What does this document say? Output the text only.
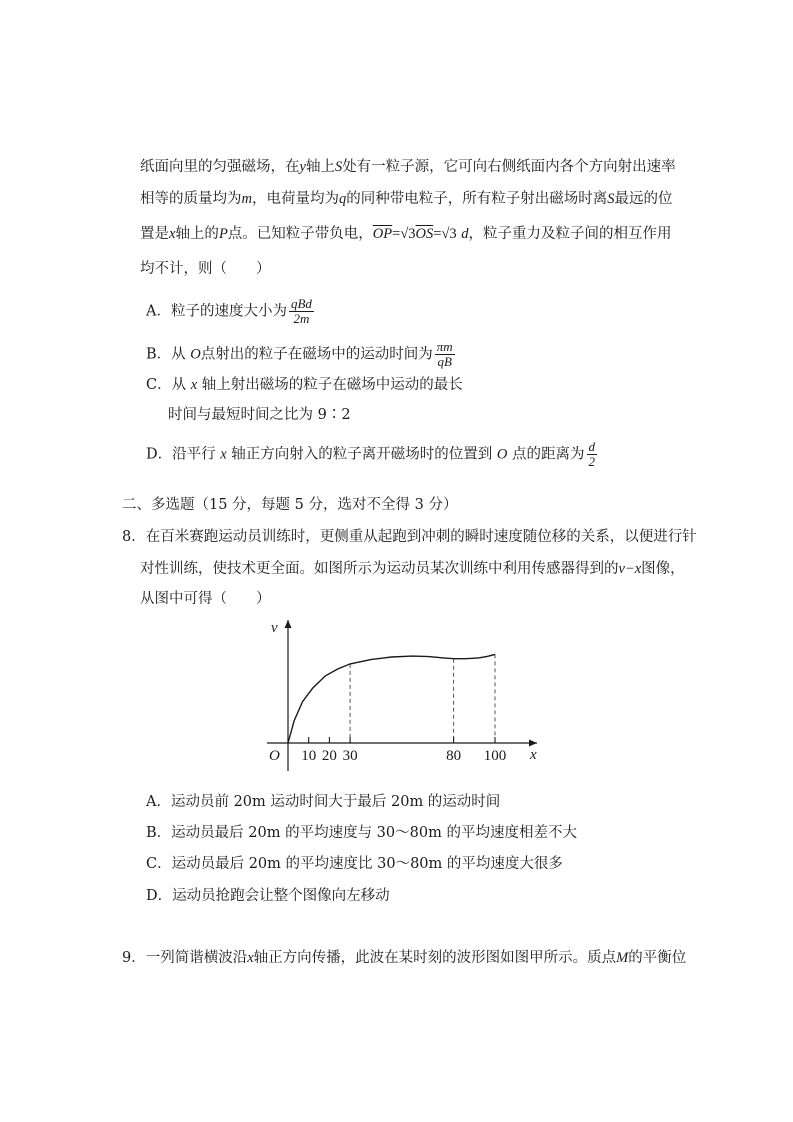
纸面向里的匀强磁场，在y轴上S处有一粒子源，它可向右侧纸面内各个方向射出速率
相等的质量均为m，电荷量均为q的同种带电粒子，所有粒子射出磁场时离S最远的位
置是x轴上的P点。已知粒子带负电，$\overline{OP}=√3\overline{OS}=√3$ d，粒子重力及粒子间的相互作用
均不计，则（　　）
A．粒子的速度大小为 $\frac{\text{qBd}}{2m}$
B．从 O点射出的粒子在磁场中的运动时间为 $\frac{\pi m}{qB}$
C．从 x 轴上射出磁场的粒子在磁场中运动的最长
时间与最短时间之比为 9∶2
D．沿平行 x 轴正方向射入的粒子离开磁场时的位置到 O 点的距离为 $\frac{d}{2}$
二、多选题（15 分，每题 5 分，选对不全得 3 分）
8．在百米赛跑运动员训练时，更侧重从起跑到冲刺的瞬时速度随位移的关系，以便进行针
对性训练，使技术更全面。如图所示为运动员某次训练中利用传感器得到的v−x图像，
从图中可得（　　）
10 20 30	80 100
v
x
O
A．运动员前 20m 运动时间大于最后 20m 的运动时间
B．运动员最后 20m 的平均速度与 30～80m 的平均速度相差不大
C．运动员最后 20m 的平均速度比 30～80m 的平均速度大很多
D．运动员抢跑会让整个图像向左移动
9．一列简谐横波沿x轴正方向传播，此波在某时刻的波形图如图甲所示。质点M的平衡位
